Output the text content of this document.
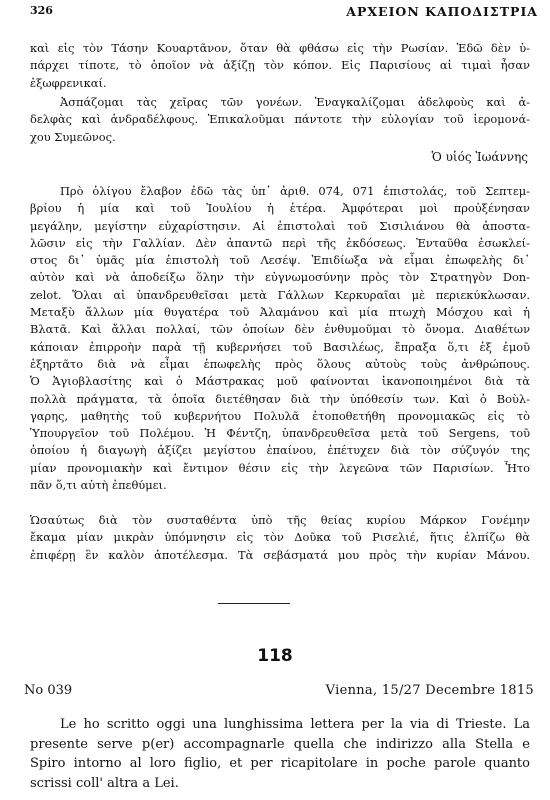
326	ΑΡΧΕΙΟΝ ΚΑΠΟΔΙΣΤΡΙΑ
καὶ εἰς τὸν Τάσην Κουαρτᾶνον, ὅταν θὰ φθάσω εἰς τὴν Ρωσίαν. Ἐδῶ δὲν ὑ-
πάρχει τίποτε, τὸ ὁποῖον νὰ ἀξίζῃ τὸν κόπον. Εἰς Παρισίους αἱ τιμαὶ ἦσαν
ἐξωφρενικαί.
Ἀσπάζομαι τὰς χεῖρας τῶν γονέων. Ἐναγκαλίζομαι ἀδελφοὺς καὶ ἀ-
δελφὰς καὶ ἀνδραδέλφους. Ἐπικαλοῦμαι πάντοτε τὴν εὐλογίαν τοῦ ἱερομονά-
χου Συμεῶνος.
Ὁ υἱός Ἰωάννης
Πρὸ ὀλίγου ἔλαβον ἐδῶ τὰς ὑπ᾽ ἀριθ. 074, 071 ἐπιστολάς, τοῦ Σεπτεμ-
βρίου ἡ μία καὶ τοῦ Ἰουλίου ἡ ἑτέρα. Ἀμφότεραι μοὶ προὐξένησαν
μεγάλην, μεγίστην εὐχαρίστησιν. Αἱ ἐπιστολαὶ τοῦ Σισιλιάνου θὰ ἀποστα-
λῶσιν εἰς τὴν Γαλλίαν. Δὲν ἀπαντῶ περὶ τῆς ἐκδόσεως. Ἐνταῦθα ἐσωκλεί-
στος δι᾽ ὑμᾶς μία ἐπιστολὴ τοῦ Λεσέψ. Ἐπιδίωξα νὰ εἶμαι ἐπωφελὴς δι᾽
αὐτὸν καὶ νὰ ἀποδείξω ὅλην τὴν εὐγνωμοσύνην πρὸς τὸν Στρατηγὸν Don-
zelot. Ὅλαι αἱ ὑπανδρευθεῖσαι μετὰ Γάλλων Κερκυραῖαι μὲ περιεκύκλωσαν.
Μεταξὺ ἄλλων μία θυγατέρα τοῦ Ἀλαμάνου καὶ μία πτωχὴ Μόσχου καὶ ἡ
Βλατᾶ. Καὶ ἄλλαι πολλαί, τῶν ὁποίων δὲν ἐνθυμοῦμαι τὸ ὄνομα. Διαθέτων
κάποιαν ἐπιρροὴν παρὰ τῇ κυβερνήσει τοῦ Βασιλέως, ἔπραξα ὅ,τι ἐξ ἐμοῦ
ἐξηρτᾶτο διὰ νὰ εἶμαι ἐπωφελὴς πρὸς ὅλους αὐτοὺς τοὺς ἀνθρώπους.
Ὁ Ἁγιοβλασίτης καὶ ὁ Μάστρακας μοῦ φαίνονται ἱκανοποιημένοι διὰ τὰ
πολλὰ πράγματα, τὰ ὁποῖα διετέθησαν διὰ τὴν ὑπόθεσίν των. Καὶ ὁ Βοὺλ-
γαρης, μαθητὴς τοῦ κυβερνήτου Πολυλᾶ ἐτοποθετήθη προνομιακῶς εἰς τὸ
Ὑπουργεῖον τοῦ Πολέμου. Ἡ Φέντζη, ὑπανδρευθεῖσα μετὰ τοῦ Sergens, τοῦ
ὁποίου ἡ διαγωγὴ ἀξίζει μεγίστου ἐπαίνου, ἐπέτυχεν διὰ τὸν σύζυγόν της
μίαν προνομιακὴν καὶ ἔντιμον θέσιν εἰς τὴν λεγεῶνα τῶν Παρισίων. Ἦτο
πᾶν ὅ,τι αὐτὴ ἐπεθύμει.
Ὡσαύτως διὰ τὸν συσταθέντα ὑπὸ τῆς θείας κυρίου Μάρκον Γονέμην
ἔκαμα μίαν μικρὰν ὑπόμνησιν εἰς τὸν Δοῦκα τοῦ Ρισελιέ, ἥτις ἐλπίζω θὰ
ἐπιφέρῃ ἓν καλὸν ἀποτέλεσμα. Τὰ σεβάσματά μου πρὸς τὴν κυρίαν Μάνου.
118
No 039	Vienna, 15/27 Decembre 1815
Le ho scritto oggi una lunghissima lettera per la via di Trieste. La
presente serve p(er) accompagnarle quella che indirizzo alla Stella e
Spiro intorno al loro figlio, et per ricapitolare in poche parole quanto
scrissi coll' altra a Lei.
